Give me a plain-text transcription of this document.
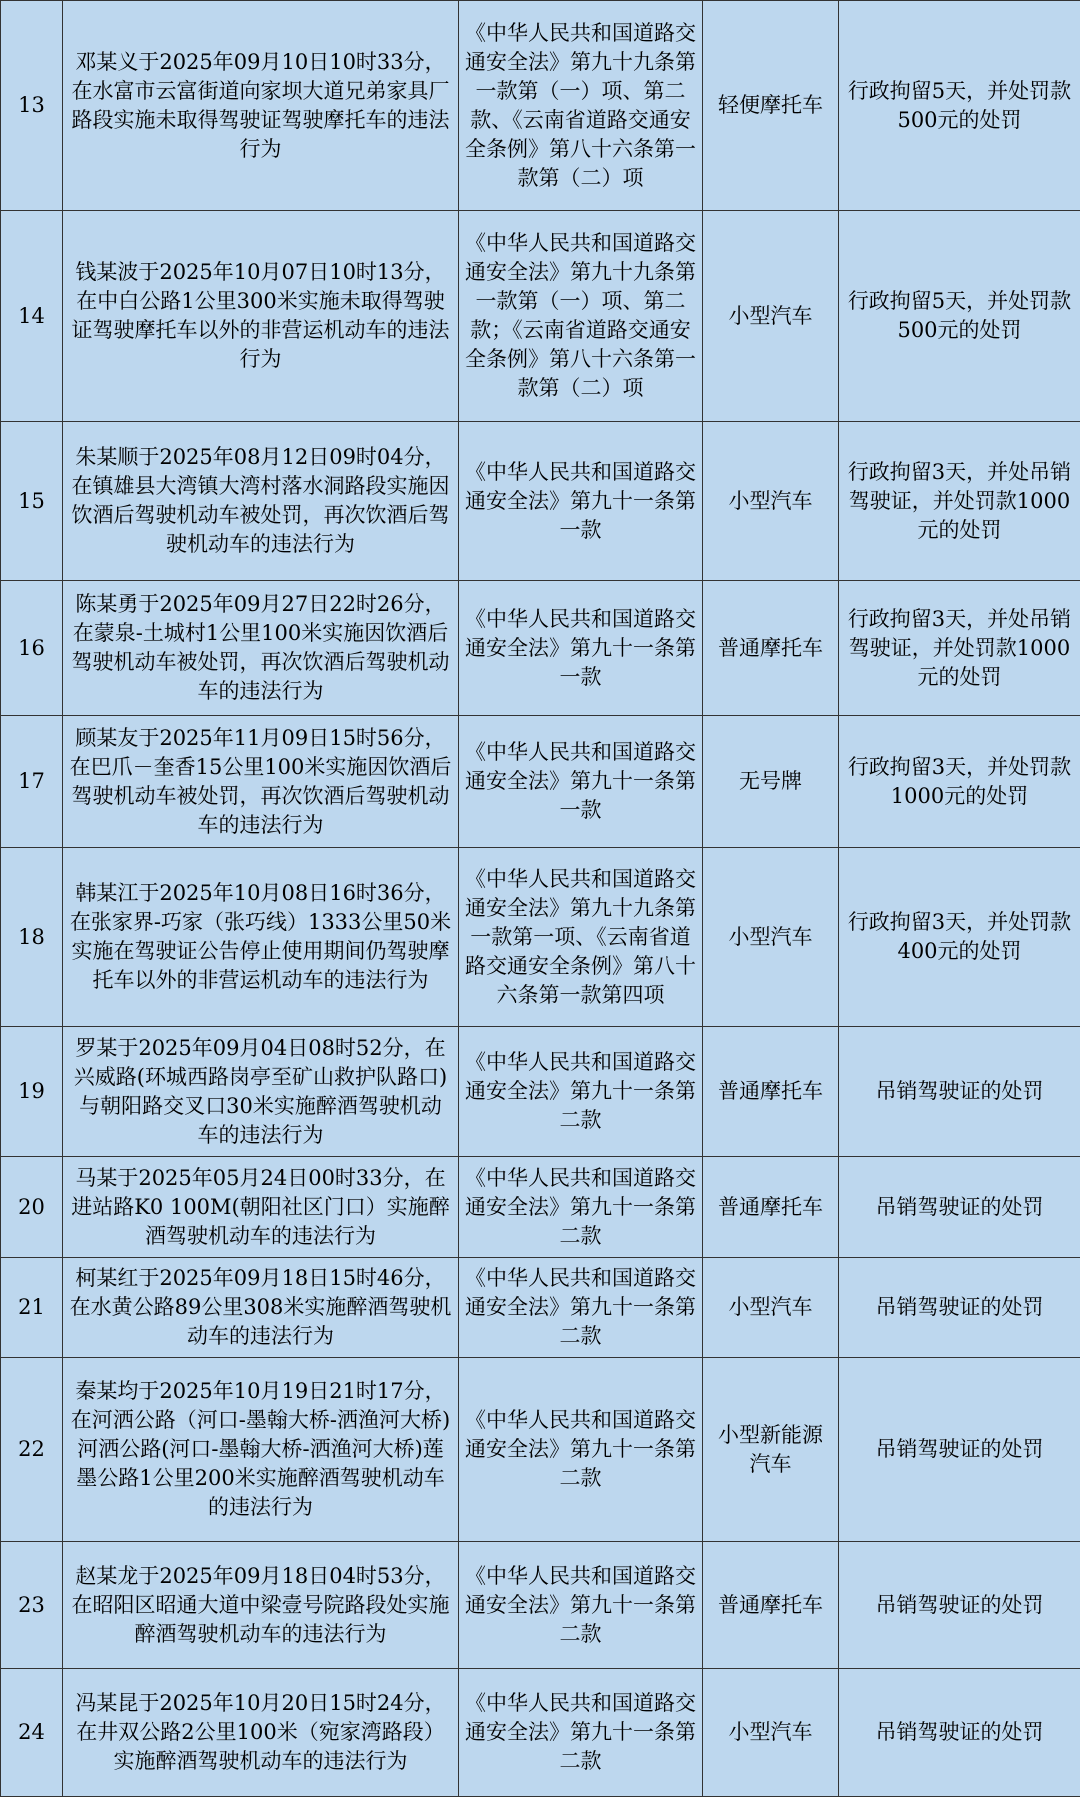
13	邓某义于2025年09月10日10时33分，在水富市云富街道向家坝大道兄弟家具厂路段实施未取得驾驶证驾驶摩托车的违法行为	《中华人民共和国道路交通安全法》第九十九条第一款第（一）项、第二款、《云南省道路交通安全条例》第八十六条第一款第（二）项	轻便摩托车	行政拘留5天，并处罚款500元的处罚
14	钱某波于2025年10月07日10时13分，在中白公路1公里300米实施未取得驾驶证驾驶摩托车以外的非营运机动车的违法行为	《中华人民共和国道路交通安全法》第九十九条第一款第（一）项、第二款；《云南省道路交通安全条例》第八十六条第一款第（二）项	小型汽车	行政拘留5天，并处罚款500元的处罚
15	朱某顺于2025年08月12日09时04分，在镇雄县大湾镇大湾村落水洞路段实施因饮酒后驾驶机动车被处罚，再次饮酒后驾驶机动车的违法行为	《中华人民共和国道路交通安全法》第九十一条第一款	小型汽车	行政拘留3天，并处吊销驾驶证，并处罚款1000元的处罚
16	陈某勇于2025年09月27日22时26分，在蒙泉-土城村1公里100米实施因饮酒后驾驶机动车被处罚，再次饮酒后驾驶机动车的违法行为	《中华人民共和国道路交通安全法》第九十一条第一款	普通摩托车	行政拘留3天，并处吊销驾驶证，并处罚款1000元的处罚
17	顾某友于2025年11月09日15时56分，在巴爪－奎香15公里100米实施因饮酒后驾驶机动车被处罚，再次饮酒后驾驶机动车的违法行为	《中华人民共和国道路交通安全法》第九十一条第一款	无号牌	行政拘留3天，并处罚款1000元的处罚
18	韩某江于2025年10月08日16时36分，在张家界-巧家（张巧线）1333公里50米实施在驾驶证公告停止使用期间仍驾驶摩托车以外的非营运机动车的违法行为	《中华人民共和国道路交通安全法》第九十九条第一款第一项、《云南省道路交通安全条例》第八十六条第一款第四项	小型汽车	行政拘留3天，并处罚款400元的处罚
19	罗某于2025年09月04日08时52分，在兴威路(环城西路岗亭至矿山救护队路口)与朝阳路交叉口30米实施醉酒驾驶机动车的违法行为	《中华人民共和国道路交通安全法》第九十一条第二款	普通摩托车	吊销驾驶证的处罚
20	马某于2025年05月24日00时33分，在进站路K0 100M(朝阳社区门口）实施醉酒驾驶机动车的违法行为	《中华人民共和国道路交通安全法》第九十一条第二款	普通摩托车	吊销驾驶证的处罚
21	柯某红于2025年09月18日15时46分，在水黄公路89公里308米实施醉酒驾驶机动车的违法行为	《中华人民共和国道路交通安全法》第九十一条第二款	小型汽车	吊销驾驶证的处罚
22	秦某均于2025年10月19日21时17分，在河洒公路（河口-墨翰大桥-洒渔河大桥)河洒公路(河口-墨翰大桥-洒渔河大桥)莲墨公路1公里200米实施醉酒驾驶机动车的违法行为	《中华人民共和国道路交通安全法》第九十一条第二款	小型新能源汽车	吊销驾驶证的处罚
23	赵某龙于2025年09月18日04时53分，在昭阳区昭通大道中梁壹号院路段处实施醉酒驾驶机动车的违法行为	《中华人民共和国道路交通安全法》第九十一条第二款	普通摩托车	吊销驾驶证的处罚
24	冯某昆于2025年10月20日15时24分，在井双公路2公里100米（宛家湾路段）实施醉酒驾驶机动车的违法行为	《中华人民共和国道路交通安全法》第九十一条第二款	小型汽车	吊销驾驶证的处罚
